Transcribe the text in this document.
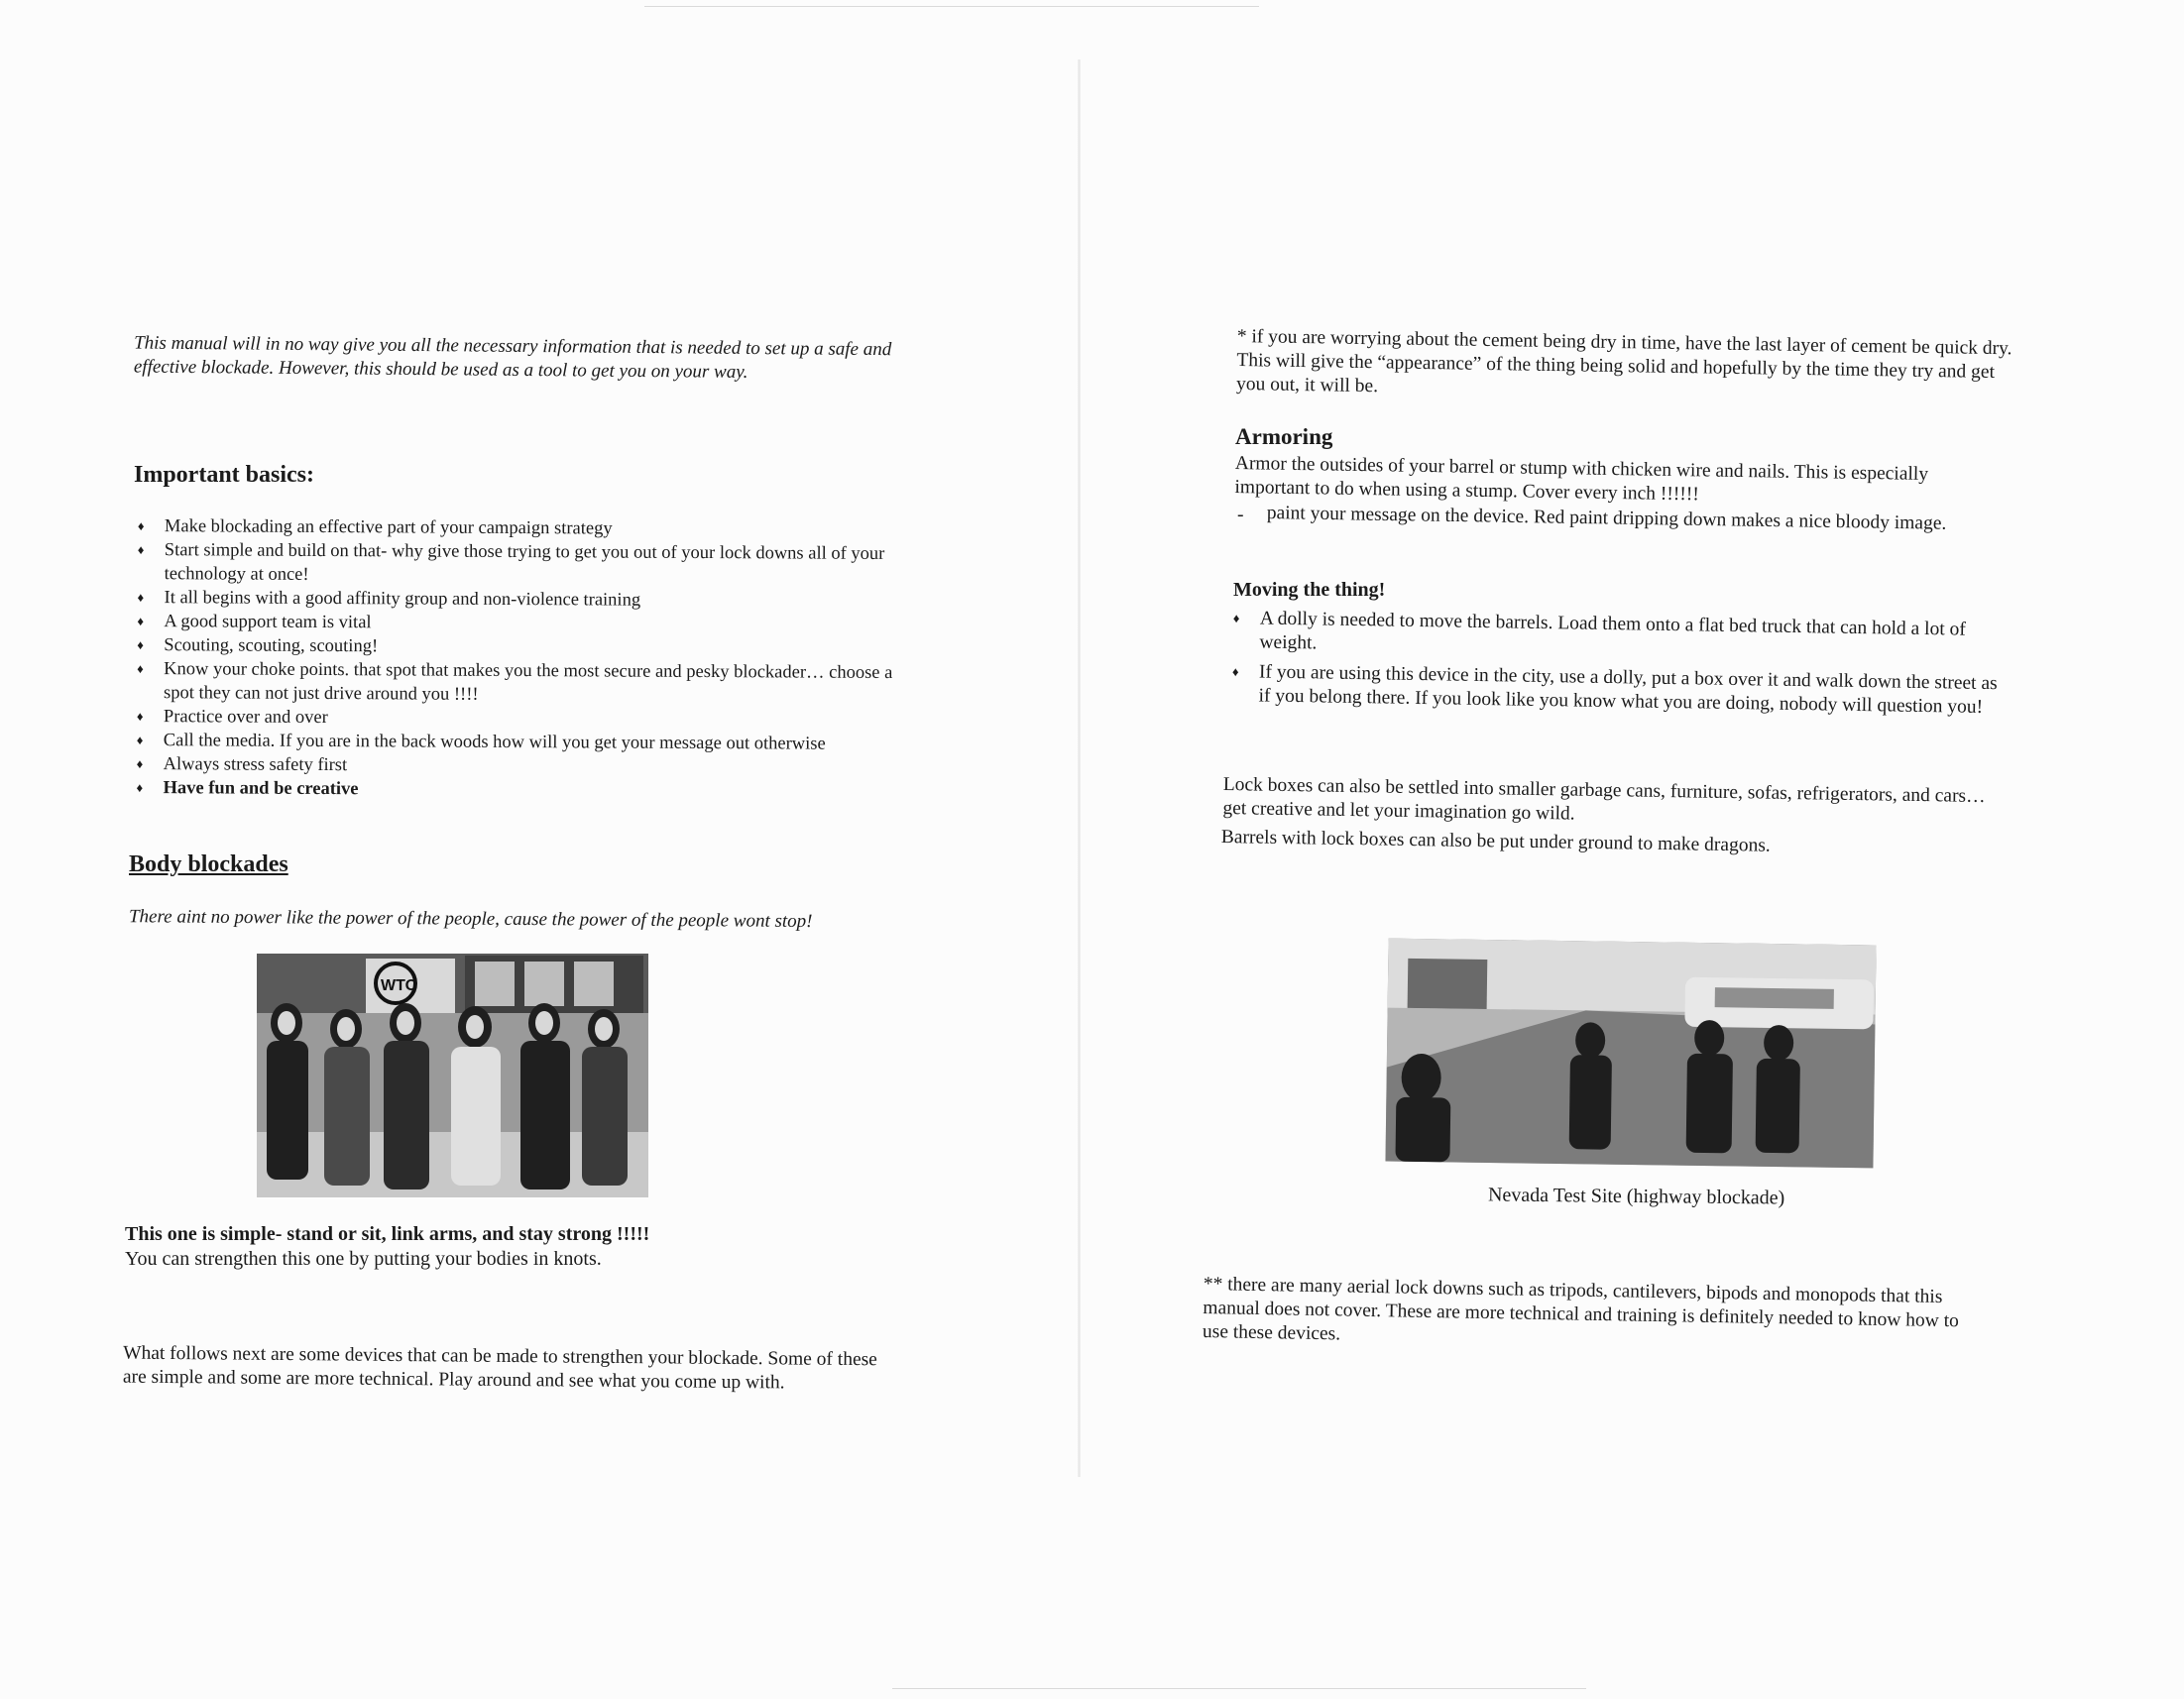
This manual will in no way give you all the necessary information that is needed to set up a safe and effective blockade. However, this should be used as a tool to get you on your way.
Important basics:
♦ Make blockading an effective part of your campaign strategy
♦ Start simple and build on that- why give those trying to get you out of your lock downs all of your technology at once!
♦ It all begins with a good affinity group and non-violence training
♦ A good support team is vital
♦ Scouting, scouting, scouting!
♦ Know your choke points. that spot that makes you the most secure and pesky blockader… choose a spot they can not just drive around you !!!!
♦ Practice over and over
♦ Call the media. If you are in the back woods how will you get your message out otherwise
♦ Always stress safety first
♦ Have fun and be creative
Body blockades
There aint no power like the power of the people, cause the power of the people wont stop!
WTO
This one is simple- stand or sit, link arms, and stay strong !!!!!
You can strengthen this one by putting your bodies in knots.
What follows next are some devices that can be made to strengthen your blockade. Some of these are simple and some are more technical. Play around and see what you come up with.
* if you are worrying about the cement being dry in time, have the last layer of cement be quick dry. This will give the “appearance” of the thing being solid and hopefully by the time they try and get you out, it will be.
Armoring
Armor the outsides of your barrel or stump with chicken wire and nails. This is especially important to do when using a stump. Cover every inch !!!!!!
- paint your message on the device. Red paint dripping down makes a nice bloody image.
Moving the thing!
♦ A dolly is needed to move the barrels. Load them onto a flat bed truck that can hold a lot of weight.
♦ If you are using this device in the city, use a dolly, put a box over it and walk down the street as if you belong there. If you look like you know what you are doing, nobody will question you!
Lock boxes can also be settled into smaller garbage cans, furniture, sofas, refrigerators, and cars…get creative and let your imagination go wild.
Barrels with lock boxes can also be put under ground to make dragons.
Nevada Test Site (highway blockade)
** there are many aerial lock downs such as tripods, cantilevers, bipods and monopods that this manual does not cover. These are more technical and training is definitely needed to know how to use these devices.
